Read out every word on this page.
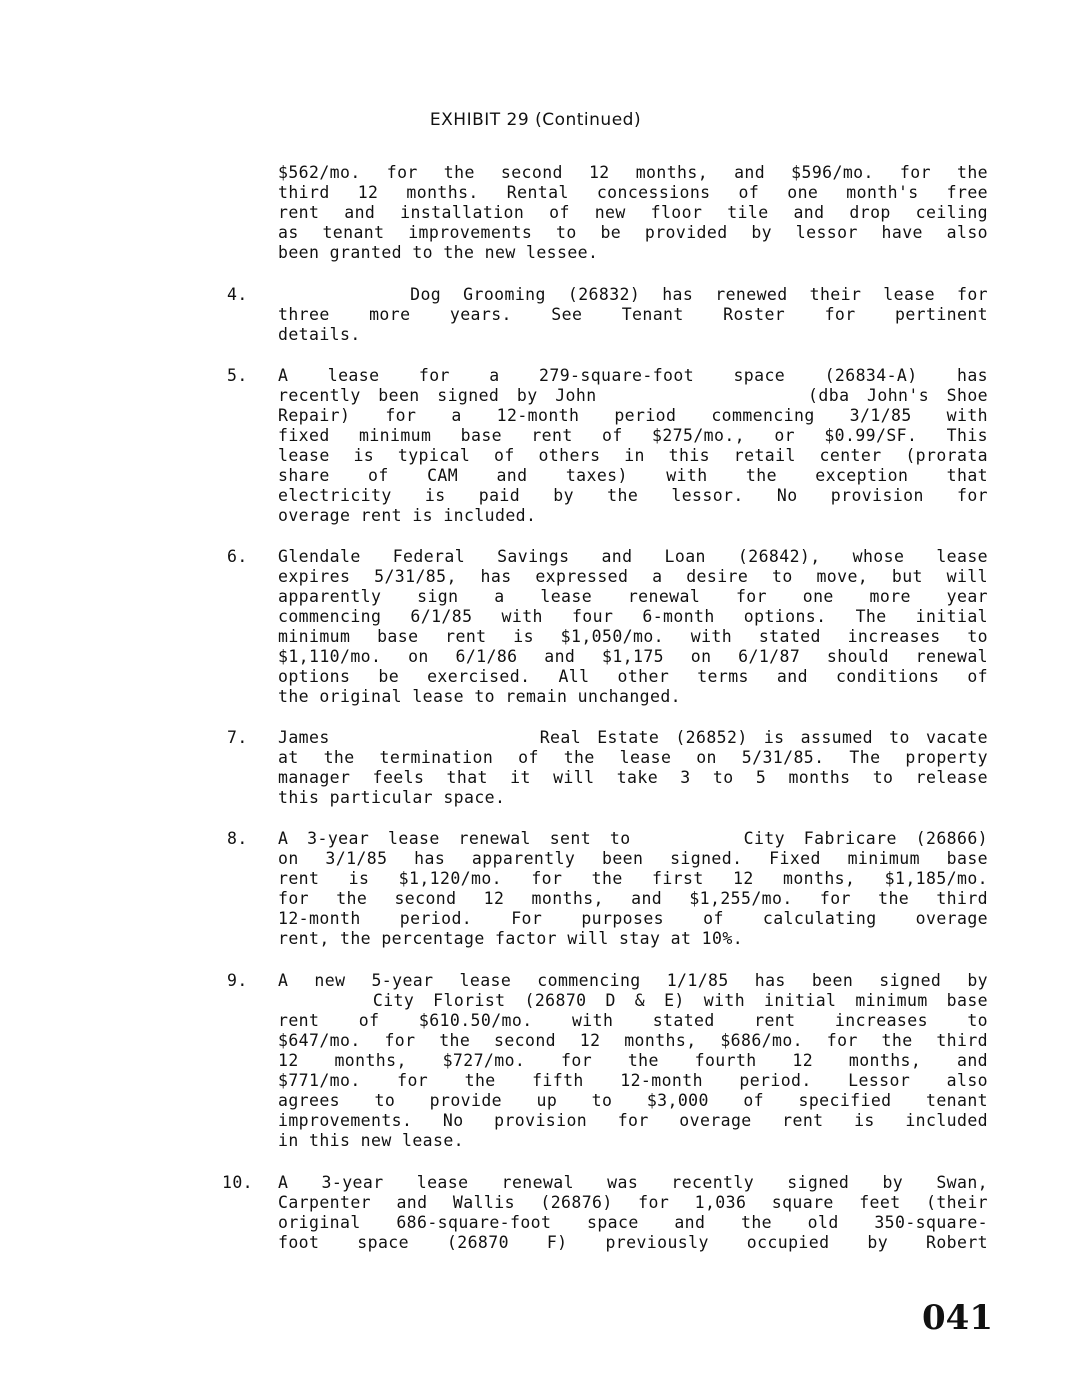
EXHIBIT 29 (Continued)
$562/mo. for the second 12 months, and $596/mo. for the
third 12 months. Rental concessions of one month's free
rent and installation of new floor tile and drop ceiling
as tenant improvements to be provided by lessor have also
been granted to the new lessee.
4. Dog Grooming (26832) has renewed their lease for
three more years. See Tenant Roster for pertinent
details.
5. A lease for a 279-square-foot space (26834-A) has
recently been signed by John            (dba John's Shoe
Repair) for a 12-month period commencing 3/1/85 with
fixed minimum base rent of $275/mo., or $0.99/SF. This
lease is typical of others in this retail center (prorata
share of CAM and taxes) with the exception that
electricity is paid by the lessor. No provision for
overage rent is included.
6. Glendale Federal Savings and Loan (26842), whose lease
expires 5/31/85, has expressed a desire to move, but will
apparently sign a lease renewal for one more year
commencing 6/1/85 with four 6-month options. The initial
minimum base rent is $1,050/mo. with stated increases to
$1,110/mo. on 6/1/86 and $1,175 on 6/1/87 should renewal
options be exercised. All other terms and conditions of
the original lease to remain unchanged.
7. James             Real Estate (26852) is assumed to vacate
at the termination of the lease on 5/31/85. The property
manager feels that it will take 3 to 5 months to release
this particular space.
8. A 3-year lease renewal sent to      City Fabricare (26866)
on 3/1/85 has apparently been signed. Fixed minimum base
rent is $1,120/mo. for the first 12 months, $1,185/mo.
for the second 12 months, and $1,255/mo. for the third
12-month period. For purposes of calculating overage
rent, the percentage factor will stay at 10%.
9. A new 5-year lease commencing 1/1/85 has been signed by
City Florist (26870 D & E) with initial minimum base
rent of $610.50/mo. with stated rent increases to
$647/mo. for the second 12 months, $686/mo. for the third
12 months, $727/mo. for the fourth 12 months, and
$771/mo. for the fifth 12-month period. Lessor also
agrees to provide up to $3,000 of specified tenant
improvements. No provision for overage rent is included
in this new lease.
10. A 3-year lease renewal was recently signed by Swan,
Carpenter and Wallis (26876) for 1,036 square feet (their
original 686-square-foot space and the old 350-square-
foot space (26870 F) previously occupied by Robert
041
